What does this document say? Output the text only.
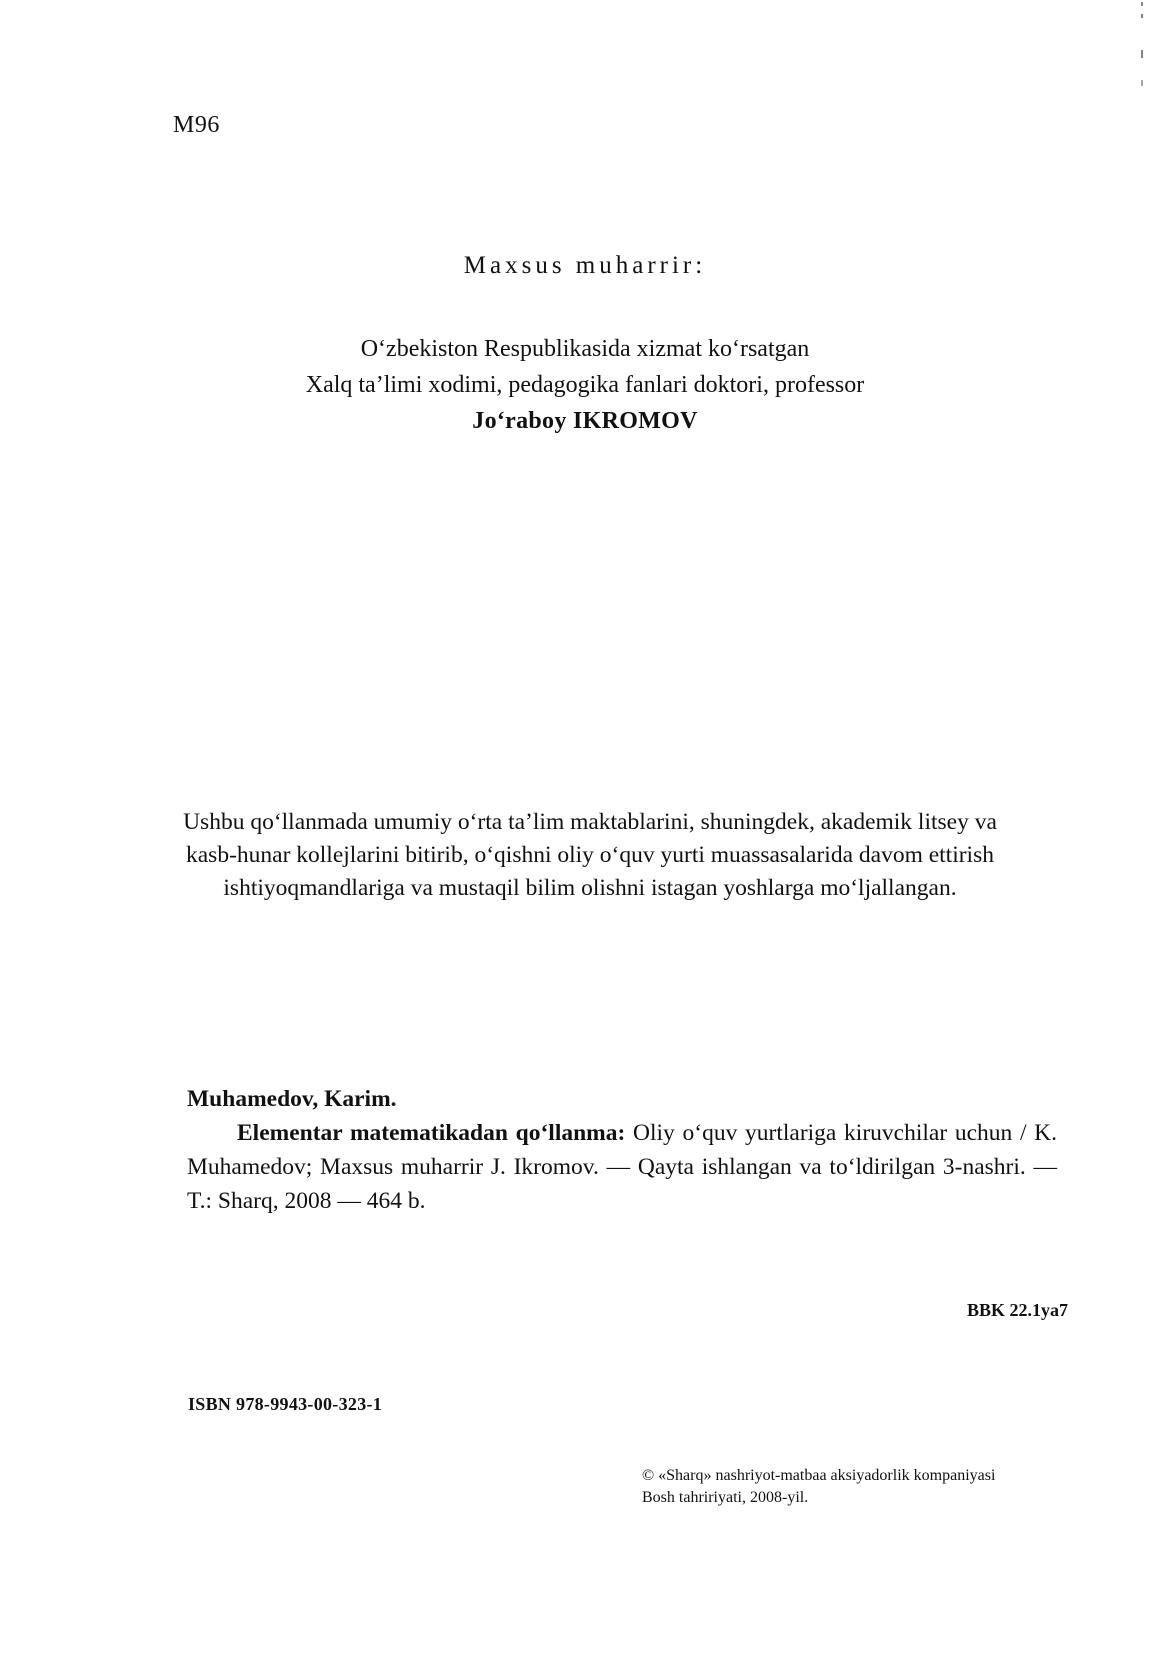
M96
Maxsus muharrir:
O‘zbekiston Respublikasida xizmat ko‘rsatgan
Xalq ta’limi xodimi, pedagogika fanlari doktori, professor
Jo‘raboy IKROMOV
Ushbu qo‘llanmada umumiy o‘rta ta’lim maktablarini, shuningdek, akademik litsey va kasb-hunar kollejlarini bitirib, o‘qishni oliy o‘quv yurti muassasalarida davom ettirish ishtiyoqmandlariga va mustaqil bilim olishni istagan yoshlarga mo‘ljallangan.
Muhamedov, Karim.
Elementar matematikadan qo‘llanma: Oliy o‘quv yurtlariga kiruvchilar uchun / K. Muhamedov; Maxsus muharrir J. Ikromov. — Qayta ishlangan va to‘ldirilgan 3-nashri. — T.: Sharq, 2008 — 464 b.
BBK 22.1ya7
ISBN 978-9943-00-323-1
© «Sharq» nashriyot-matbaa aksiyadorlik kompaniyasi
Bosh tahririyati, 2008-yil.
